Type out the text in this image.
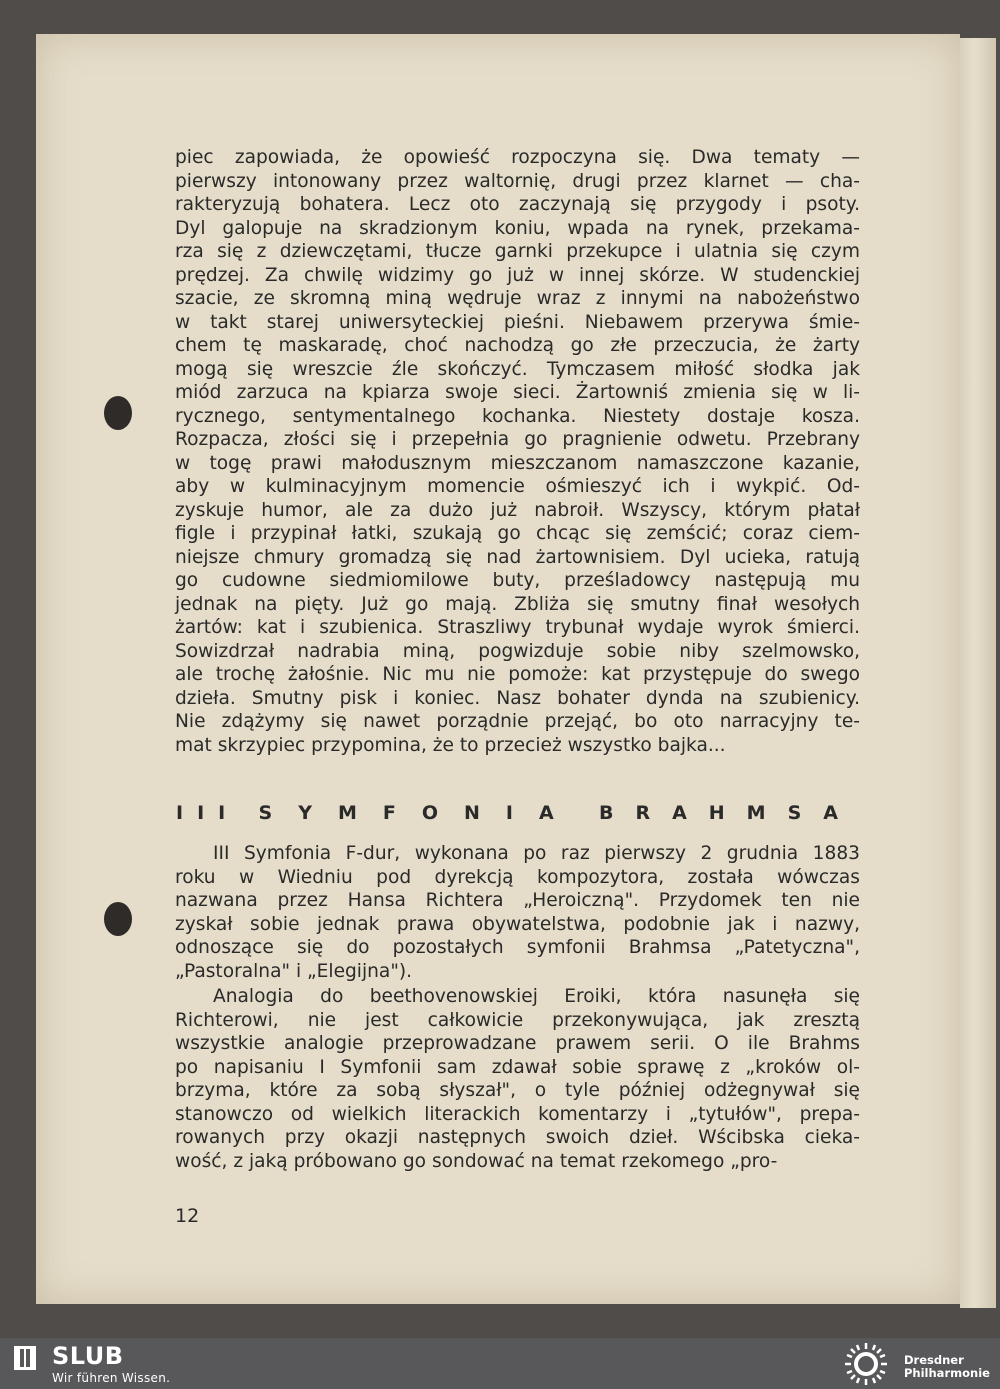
piec zapowiada, że opowieść rozpoczyna się. Dwa tematy —
pierwszy intonowany przez waltornię, drugi przez klarnet — cha-
rakteryzują bohatera. Lecz oto zaczynają się przygody i psoty.
Dyl galopuje na skradzionym koniu, wpada na rynek, przekama-
rza się z dziewczętami, tłucze garnki przekupce i ulatnia się czym
prędzej. Za chwilę widzimy go już w innej skórze. W studenckiej
szacie, ze skromną miną wędruje wraz z innymi na nabożeństwo
w takt starej uniwersyteckiej pieśni. Niebawem przerywa śmie-
chem tę maskaradę, choć nachodzą go złe przeczucia, że żarty
mogą się wreszcie źle skończyć. Tymczasem miłość słodka jak
miód zarzuca na kpiarza swoje sieci. Żartowniś zmienia się w li-
rycznego, sentymentalnego kochanka. Niestety dostaje kosza.
Rozpacza, złości się i przepełnia go pragnienie odwetu. Przebrany
w togę prawi małodusznym mieszczanom namaszczone kazanie,
aby w kulminacyjnym momencie ośmieszyć ich i wykpić. Od-
zyskuje humor, ale za dużo już nabroił. Wszyscy, którym płatał
figle i przypinał łatki, szukają go chcąc się zemścić; coraz ciem-
niejsze chmury gromadzą się nad żartownisiem. Dyl ucieka, ratują
go cudowne siedmiomilowe buty, prześladowcy następują mu
jednak na pięty. Już go mają. Zbliża się smutny finał wesołych
żartów: kat i szubienica. Straszliwy trybunał wydaje wyrok śmierci.
Sowizdrzał nadrabia miną, pogwizduje sobie niby szelmowsko,
ale trochę żałośnie. Nic mu nie pomoże: kat przystępuje do swego
dzieła. Smutny pisk i koniec. Nasz bohater dynda na szubienicy.
Nie zdążymy się nawet porządnie przejąć, bo oto narracyjny te-
mat skrzypiec przypomina, że to przecież wszystko bajka...
III SYMFONIA BRAHMSA
III Symfonia F-dur, wykonana po raz pierwszy 2 grudnia 1883
roku w Wiedniu pod dyrekcją kompozytora, została wówczas
nazwana przez Hansa Richtera „Heroiczną". Przydomek ten nie
zyskał sobie jednak prawa obywatelstwa, podobnie jak i nazwy,
odnoszące się do pozostałych symfonii Brahmsa „Patetyczna",
„Pastoralna" i „Elegijna").
Analogia do beethovenowskiej Eroiki, która nasunęła się
Richterowi, nie jest całkowicie przekonywująca, jak zresztą
wszystkie analogie przeprowadzane prawem serii. O ile Brahms
po napisaniu I Symfonii sam zdawał sobie sprawę z „kroków ol-
brzyma, które za sobą słyszał", o tyle później odżegnywał się
stanowczo od wielkich literackich komentarzy i „tytułów", prepa-
rowanych przy okazji następnych swoich dzieł. Wścibska cieka-
wość, z jaką próbowano go sondować na temat rzekomego „pro-
12
SLUB
Wir führen Wissen.
Dresdner
Philharmonie
